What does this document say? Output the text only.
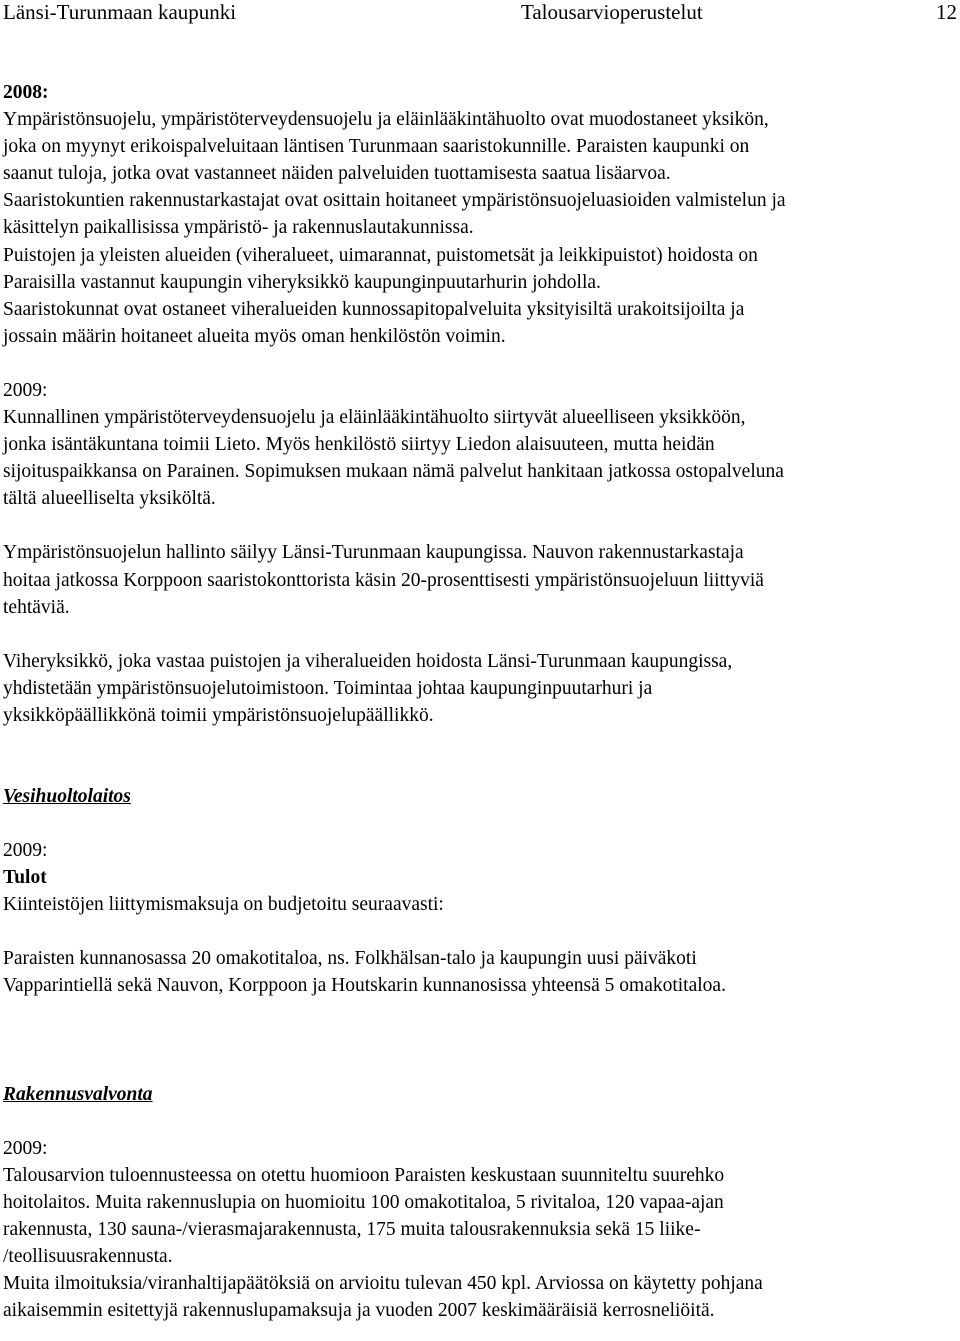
Länsi-Turunmaan kaupunki	Talousarvioperustelut	12

2008:

Ympäristönsuojelu, ympäristöterveydensuojelu ja eläinlääkintähuolto ovat muodostaneet yksikön,

joka on myynyt erikoispalveluitaan läntisen Turunmaan saaristokunnille. Paraisten kaupunki on

saanut tuloja, jotka ovat vastanneet näiden palveluiden tuottamisesta saatua lisäarvoa.

Saaristokuntien rakennustarkastajat ovat osittain hoitaneet ympäristönsuojeluasioiden valmistelun ja

käsittelyn paikallisissa ympäristö- ja rakennuslautakunnissa.

Puistojen ja yleisten alueiden (viheralueet, uimarannat, puistometsät ja leikkipuistot) hoidosta on

Paraisilla vastannut kaupungin viheryksikkö kaupunginpuutarhurin johdolla.

Saaristokunnat ovat ostaneet viheralueiden kunnossapitopalveluita yksityisiltä urakoitsijoilta ja

jossain määrin hoitaneet alueita myös oman henkilöstön voimin.

2009:

Kunnallinen ympäristöterveydensuojelu ja eläinlääkintähuolto siirtyvät alueelliseen yksikköön,

jonka isäntäkuntana toimii Lieto. Myös henkilöstö siirtyy Liedon alaisuuteen, mutta heidän

sijoituspaikkansa on Parainen. Sopimuksen mukaan nämä palvelut hankitaan jatkossa ostopalveluna

tältä alueelliselta yksiköltä.

Ympäristönsuojelun hallinto säilyy Länsi-Turunmaan kaupungissa. Nauvon rakennustarkastaja

hoitaa jatkossa Korppoon saaristokonttorista käsin 20-prosenttisesti ympäristönsuojeluun liittyviä

tehtäviä.

Viheryksikkö, joka vastaa puistojen ja viheralueiden hoidosta Länsi-Turunmaan kaupungissa,

yhdistetään ympäristönsuojelutoimistoon. Toimintaa johtaa kaupunginpuutarhuri ja

yksikköpäällikkönä toimii ympäristönsuojelupäällikkö.

Vesihuoltolaitos

2009:

Tulot

Kiinteistöjen liittymismaksuja on budjetoitu seuraavasti:

Paraisten kunnanosassa 20 omakotitaloa, ns. Folkhälsan-talo ja kaupungin uusi päiväkoti

Vapparintiellä sekä Nauvon, Korppoon ja Houtskarin kunnanosissa yhteensä 5 omakotitaloa.

Rakennusvalvonta

2009:

Talousarvion tuloennusteessa on otettu huomioon Paraisten keskustaan suunniteltu suurehko

hoitolaitos. Muita rakennuslupia on huomioitu 100 omakotitaloa, 5 rivitaloa, 120 vapaa-ajan

rakennusta, 130 sauna-/vierasmajarakennusta, 175 muita talousrakennuksia sekä 15 liike-

/teollisuusrakennusta.

Muita ilmoituksia/viranhaltijapäätöksiä on arvioitu tulevan 450 kpl. Arviossa on käytetty pohjana

aikaisemmin esitettyjä rakennuslupamaksuja ja vuoden 2007 keskimääräisiä kerrosneliöitä.
